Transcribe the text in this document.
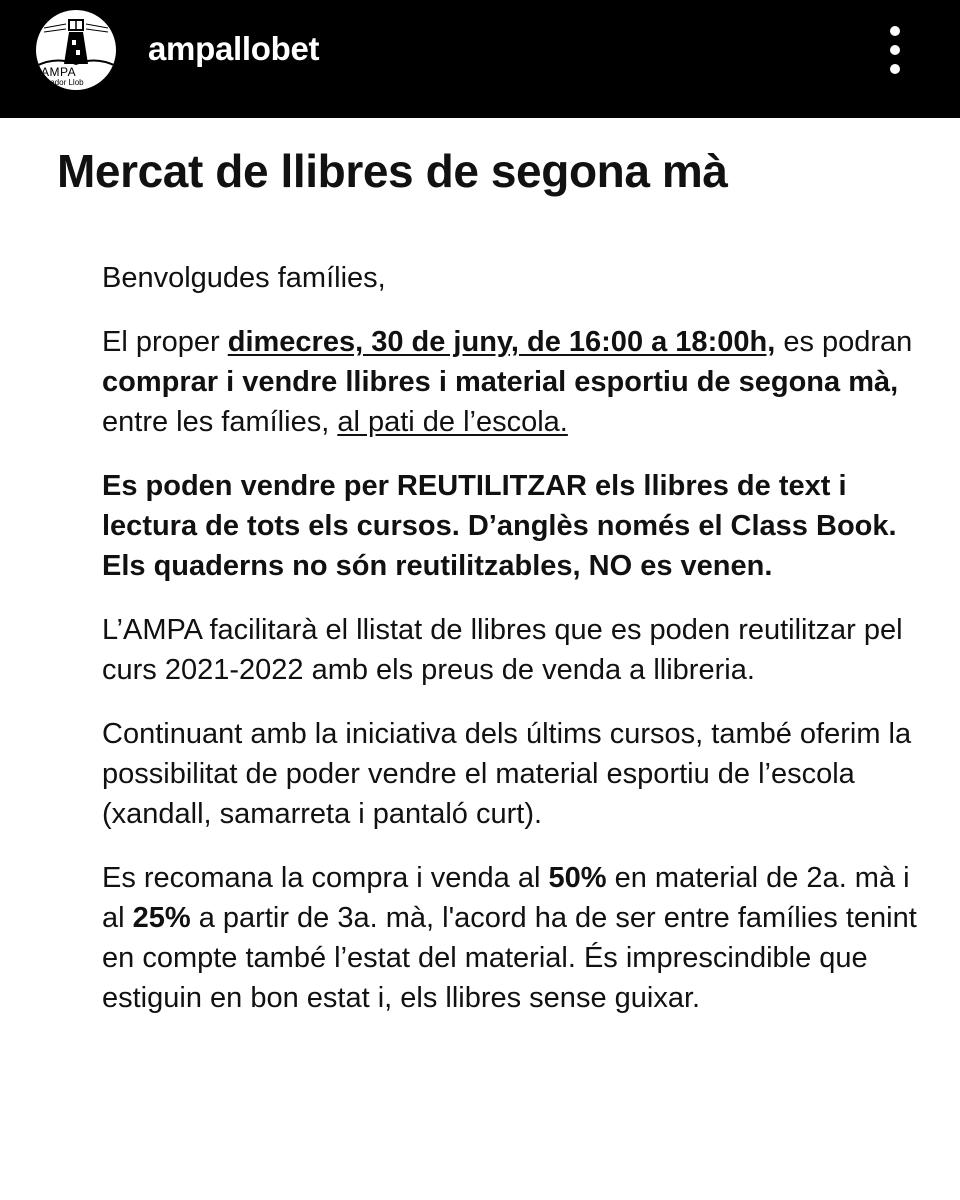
AMPA
alvador Llob
ampallobet
Mercat de llibres de segona mà

Benvolgudes famílies,

El proper dimecres, 30 de juny, de 16:00 a 18:00h, es podran comprar i vendre llibres i material esportiu de segona mà, entre les famílies, al pati de l’escola.

Es poden vendre per REUTILITZAR els llibres de text i lectura de tots els cursos. D’anglès només el Class Book. Els quaderns no són reutilitzables, NO es venen.

L’AMPA facilitarà el llistat de llibres que es poden reutilitzar pel curs 2021-2022 amb els preus de venda a llibreria.

Continuant amb la iniciativa dels últims cursos, també oferim la possibilitat de poder vendre el material esportiu de l’escola (xandall, samarreta i pantaló curt).

Es recomana la compra i venda al 50% en material de 2a. mà i al 25% a partir de 3a. mà, l'acord ha de ser entre famílies tenint en compte també l’estat del material. És imprescindible que estiguin en bon estat i, els llibres sense guixar.
